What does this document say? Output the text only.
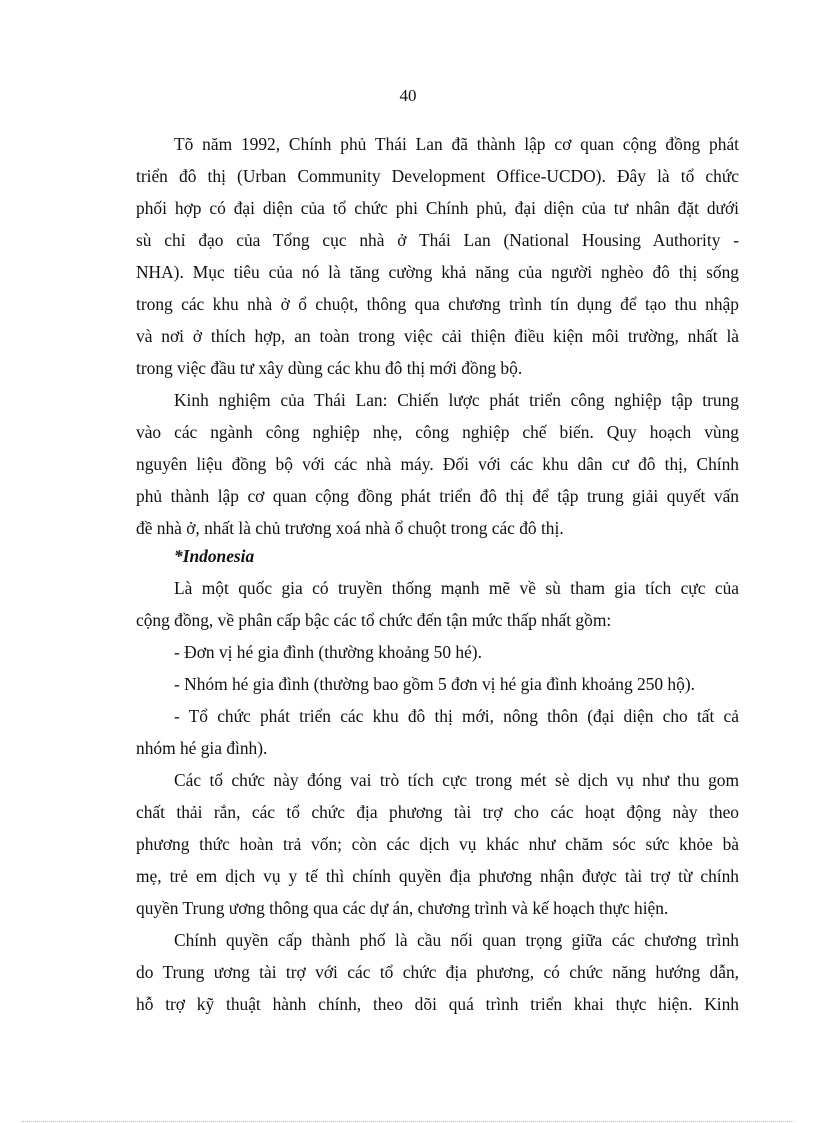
40
Tõ năm 1992, Chính phủ Thái Lan đã thành lập cơ quan cộng đồng phát
triển đô thị (Urban Community Development Office-UCDO). Đây là tổ chức
phối hợp có đại diện của tổ chức phi Chính phủ, đại diện của tư nhân đặt dưới
sù chỉ đạo của Tổng cục nhà ở Thái Lan (National Housing Authority -
NHA). Mục tiêu của nó là tăng cường khả năng của người nghèo đô thị sống
trong các khu nhà ở ổ chuột, thông qua chương trình tín dụng để tạo thu nhập
và nơi ở thích hợp, an toàn trong việc cải thiện điều kiện môi trường, nhất là
trong việc đầu tư xây dùng các khu đô thị mới đồng bộ.
Kinh nghiệm của Thái Lan: Chiến lược phát triển công nghiệp tập trung
vào các ngành công nghiệp nhẹ, công nghiệp chế biến. Quy hoạch vùng
nguyên liệu đồng bộ với các nhà máy. Đối với các khu dân cư đô thị, Chính
phủ thành lập cơ quan cộng đồng phát triển đô thị để tập trung giải quyết vấn
đề nhà ở, nhất là chủ trương xoá nhà ổ chuột trong các đô thị.
*Indonesia
Là một quốc gia có truyền thống mạnh mẽ về sù tham gia tích cực của
cộng đồng, về phân cấp bậc các tổ chức đến tận mức thấp nhất gồm:
- Đơn vị hé gia đình (thường khoảng 50 hé).
- Nhóm hé gia đình (thường bao gồm 5 đơn vị hé gia đình khoảng 250 hộ).
- Tổ chức phát triển các khu đô thị mới, nông thôn (đại diện cho tất cả
nhóm hé gia đình).
Các tổ chức này đóng vai trò tích cực trong mét sè dịch vụ như thu gom
chất thải rắn, các tổ chức địa phương tài trợ cho các hoạt động này theo
phương thức hoàn trả vốn; còn các dịch vụ khác như chăm sóc sức khỏe bà
mẹ, trẻ em dịch vụ y tế thì chính quyền địa phương nhận được tài trợ từ chính
quyền Trung ương thông qua các dự án, chương trình và kế hoạch thực hiện.
Chính quyền cấp thành phố là cầu nối quan trọng giữa các chương trình
do Trung ương tài trợ với các tổ chức địa phương, có chức năng hướng dẫn,
hỗ trợ kỹ thuật hành chính, theo dõi quá trình triển khai thực hiện. Kinh
